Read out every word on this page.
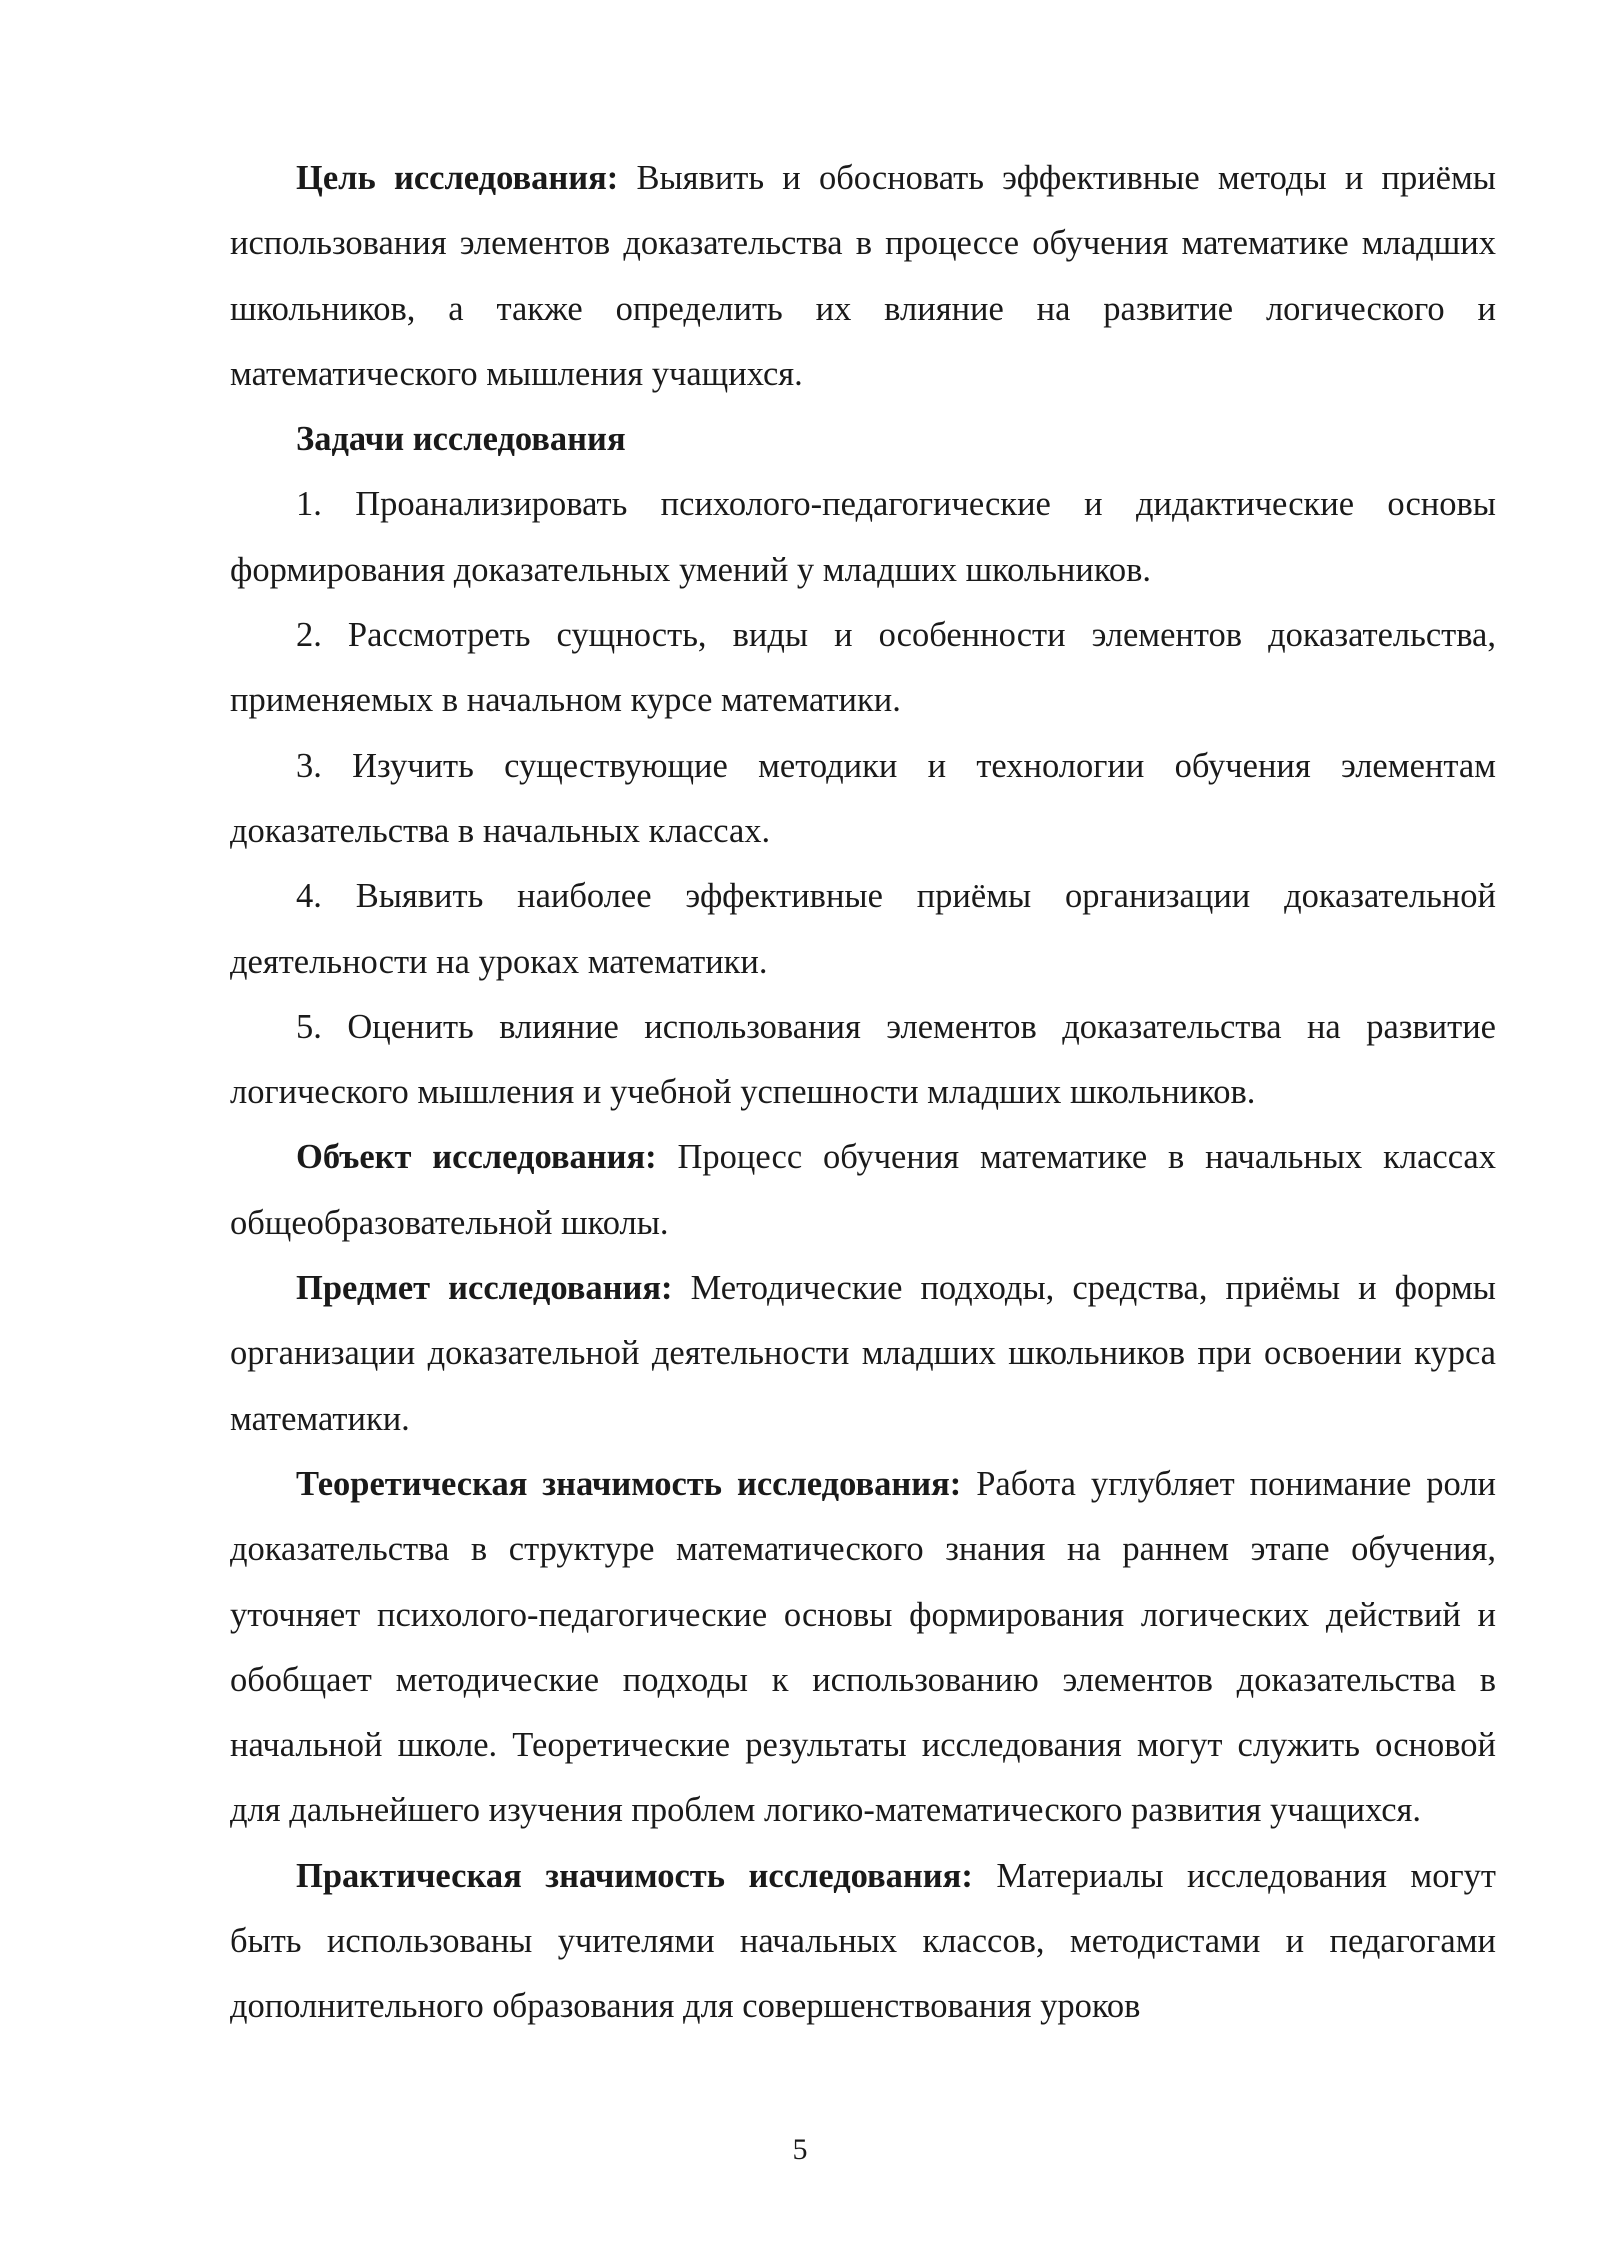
Цель исследования: Выявить и обосновать эффективные методы и приёмы использования элементов доказательства в процессе обучения математике младших школьников, а также определить их влияние на развитие логического и математического мышления учащихся.

Задачи исследования

1. Проанализировать психолого-педагогические и дидактические основы формирования доказательных умений у младших школьников.

2. Рассмотреть сущность, виды и особенности элементов доказательства, применяемых в начальном курсе математики.

3. Изучить существующие методики и технологии обучения элементам доказательства в начальных классах.

4. Выявить наиболее эффективные приёмы организации доказательной деятельности на уроках математики.

5. Оценить влияние использования элементов доказательства на развитие логического мышления и учебной успешности младших школьников.

Объект исследования: Процесс обучения математике в начальных классах общеобразовательной школы.

Предмет исследования: Методические подходы, средства, приёмы и формы организации доказательной деятельности младших школьников при освоении курса математики.

Теоретическая значимость исследования: Работа углубляет понимание роли доказательства в структуре математического знания на раннем этапе обучения, уточняет психолого-педагогические основы формирования логических действий и обобщает методические подходы к использованию элементов доказательства в начальной школе. Теоретические результаты исследования могут служить основой для дальнейшего изучения проблем логико-математического развития учащихся.

Практическая значимость исследования: Материалы исследования могут быть использованы учителями начальных классов, методистами и педагогами дополнительного образования для совершенствования уроков

5
